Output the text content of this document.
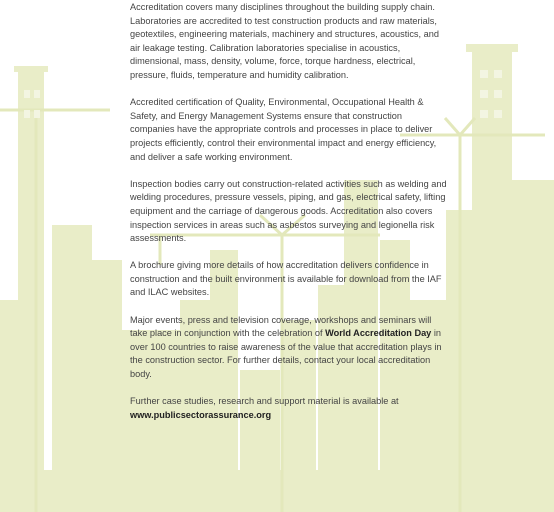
Accreditation covers many disciplines throughout the building supply chain. Laboratories are accredited to test construction products and raw materials, geotextiles, engineering materials, machinery and structures, acoustics, and air leakage testing. Calibration laboratories specialise in acoustics, dimensional, mass, density, volume, force, torque hardness, electrical, pressure, fluids, temperature and humidity calibration.

Accredited certification of Quality, Environmental, Occupational Health & Safety, and Energy Management Systems ensure that construction companies have the appropriate controls and processes in place to deliver projects efficiently, control their environmental impact and energy efficiency, and deliver a safe working environment.

Inspection bodies carry out construction-related activities such as welding and welding procedures, pressure vessels, piping, and gas, electrical safety, lifting equipment and the carriage of dangerous goods. Accreditation also covers inspection services in areas such as asbestos surveying and legionella risk assessments.

A brochure giving more details of how accreditation delivers confidence in construction and the built environment is available for download from the IAF and ILAC websites.

Major events, press and television coverage, workshops and seminars will take place in conjunction with the celebration of World Accreditation Day in over 100 countries to raise awareness of the value that accreditation plays in the construction sector. For further details, contact your local accreditation body.

Further case studies, research and support material is available at www.publicsectorassurance.org
